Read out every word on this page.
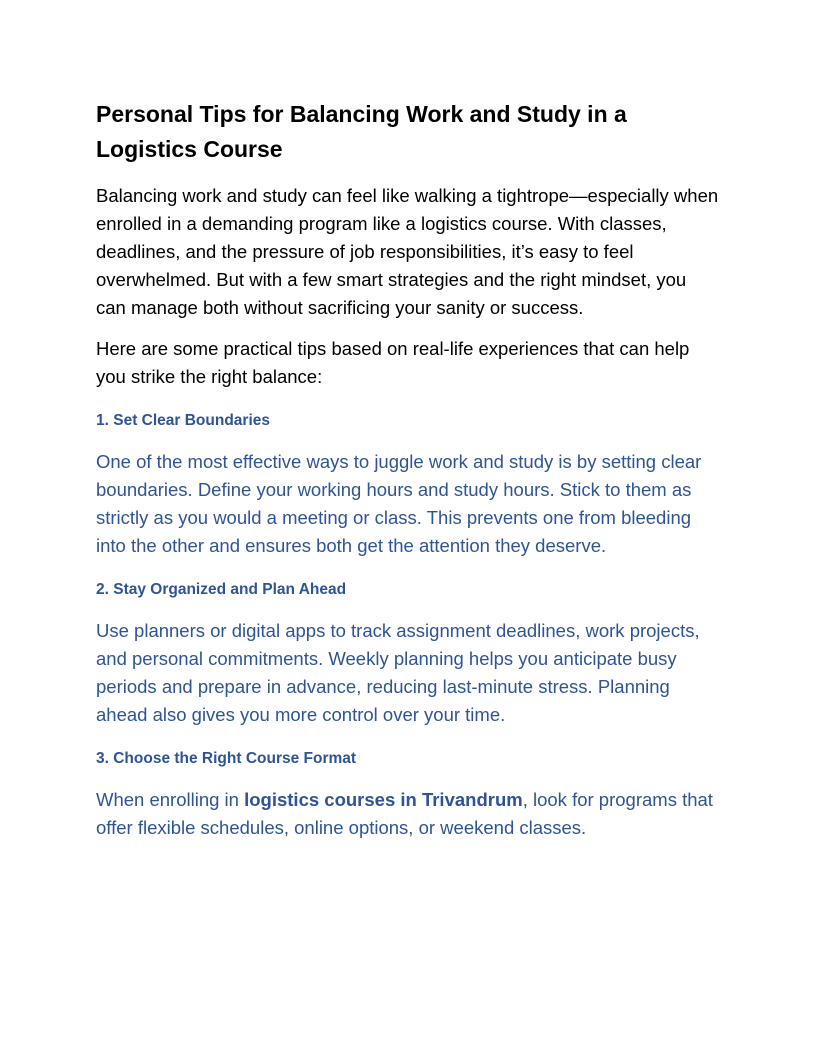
Personal Tips for Balancing Work and Study in a Logistics Course

Balancing work and study can feel like walking a tightrope—especially when enrolled in a demanding program like a logistics course. With classes, deadlines, and the pressure of job responsibilities, it’s easy to feel overwhelmed. But with a few smart strategies and the right mindset, you can manage both without sacrificing your sanity or success.

Here are some practical tips based on real-life experiences that can help you strike the right balance:

1. Set Clear Boundaries

One of the most effective ways to juggle work and study is by setting clear boundaries. Define your working hours and study hours. Stick to them as strictly as you would a meeting or class. This prevents one from bleeding into the other and ensures both get the attention they deserve.

2. Stay Organized and Plan Ahead

Use planners or digital apps to track assignment deadlines, work projects, and personal commitments. Weekly planning helps you anticipate busy periods and prepare in advance, reducing last-minute stress. Planning ahead also gives you more control over your time.

3. Choose the Right Course Format

When enrolling in logistics courses in Trivandrum, look for programs that offer flexible schedules, online options, or weekend classes.
